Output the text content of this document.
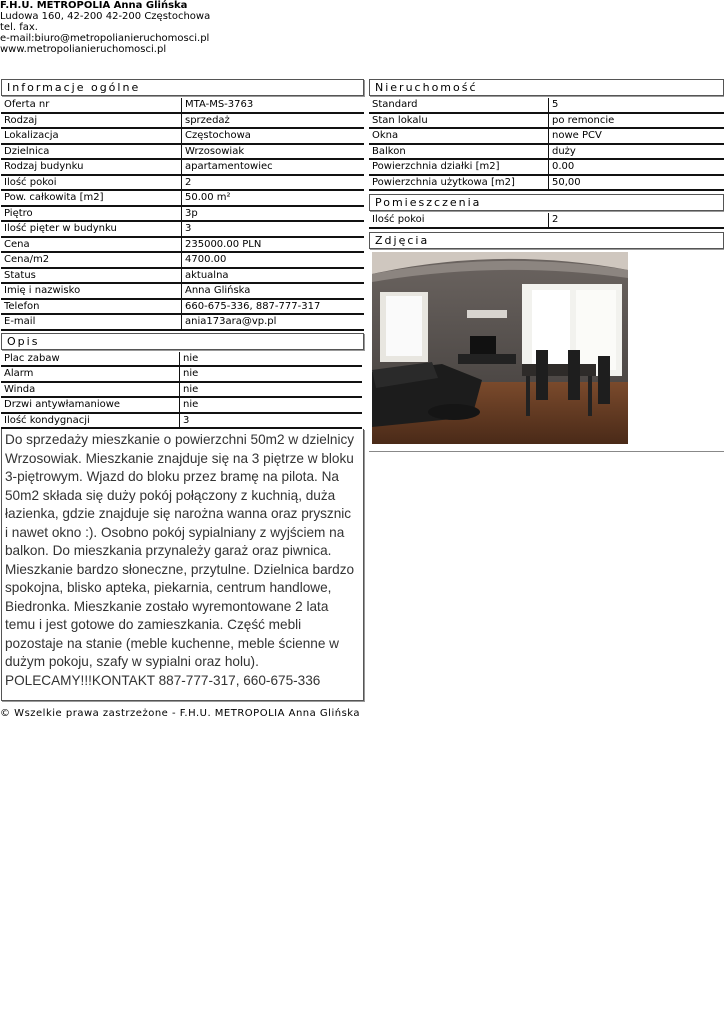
F.H.U. METROPOLIA Anna Glińska
Ludowa 160, 42-200 42-200 Częstochowa
tel. fax.
e-mail:biuro@metropolianieruchomosci.pl
www.metropolianieruchomosci.pl
Informacje ogólne
Oferta nr	MTA-MS-3763
Rodzaj	sprzedaż
Lokalizacja	Częstochowa
Dzielnica	Wrzosowiak
Rodzaj budynku	apartamentowiec
Ilość pokoi	2
Pow. całkowita [m2]	50.00 m²
Piętro	3p
Ilość pięter w budynku	3
Cena	235000.00 PLN
Cena/m2	4700.00
Status	aktualna
Imię i nazwisko	Anna Glińska
Telefon	660-675-336, 887-777-317
E-mail	ania173ara@vp.pl
Opis
Plac zabaw	nie
Alarm	nie
Winda	nie
Drzwi antywłamaniowe	nie
Ilość kondygnacji	3
Do sprzedaży mieszkanie o powierzchni 50m2 w dzielnicy Wrzosowiak. Mieszkanie znajduje się na 3 piętrze w bloku 3-piętrowym. Wjazd do bloku przez bramę na pilota. Na 50m2 składa się duży pokój połączony z kuchnią, duża łazienka, gdzie znajduje się narożna wanna oraz prysznic i nawet okno :). Osobno pokój sypialniany z wyjściem na balkon. Do mieszkania przynależy garaż oraz piwnica. Mieszkanie bardzo słoneczne, przytulne. Dzielnica bardzo spokojna, blisko apteka, piekarnia, centrum handlowe, Biedronka. Mieszkanie zostało wyremontowane 2 lata temu i jest gotowe do zamieszkania. Część mebli pozostaje na stanie (meble kuchenne, meble ścienne w dużym pokoju, szafy w sypialni oraz holu). POLECAMY!!!KONTAKT 887-777-317, 660-675-336
Nieruchomość
Standard	5
Stan lokalu	po remoncie
Okna	nowe PCV
Balkon	duży
Powierzchnia działki [m2]	0.00
Powierzchnia użytkowa [m2]	50,00
Pomieszczenia
Ilość pokoi	2
Zdjęcia
© Wszelkie prawa zastrzeżone - F.H.U. METROPOLIA Anna Glińska
